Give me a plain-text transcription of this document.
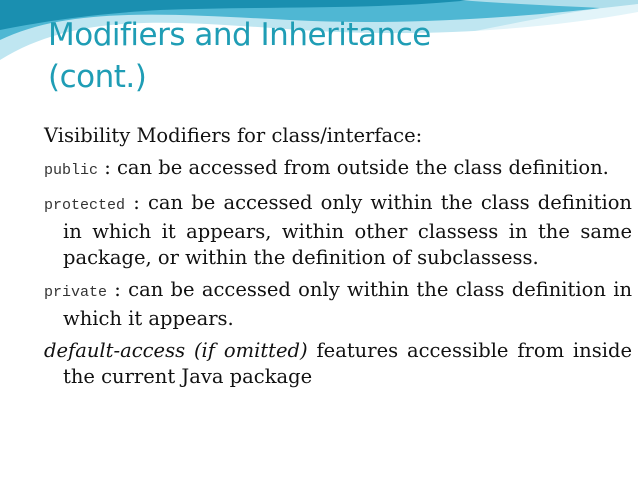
Modifiers and Inheritance
(cont.)

Visibility Modifiers for class/interface:

public : can be accessed from outside the class definition.

protected : can be accessed only within the class definition in which it appears, within other classess in the same package, or within the definition of subclassess.

private : can be accessed only within the class definition in which it appears.

default-access (if omitted) features accessible from inside the current Java package
